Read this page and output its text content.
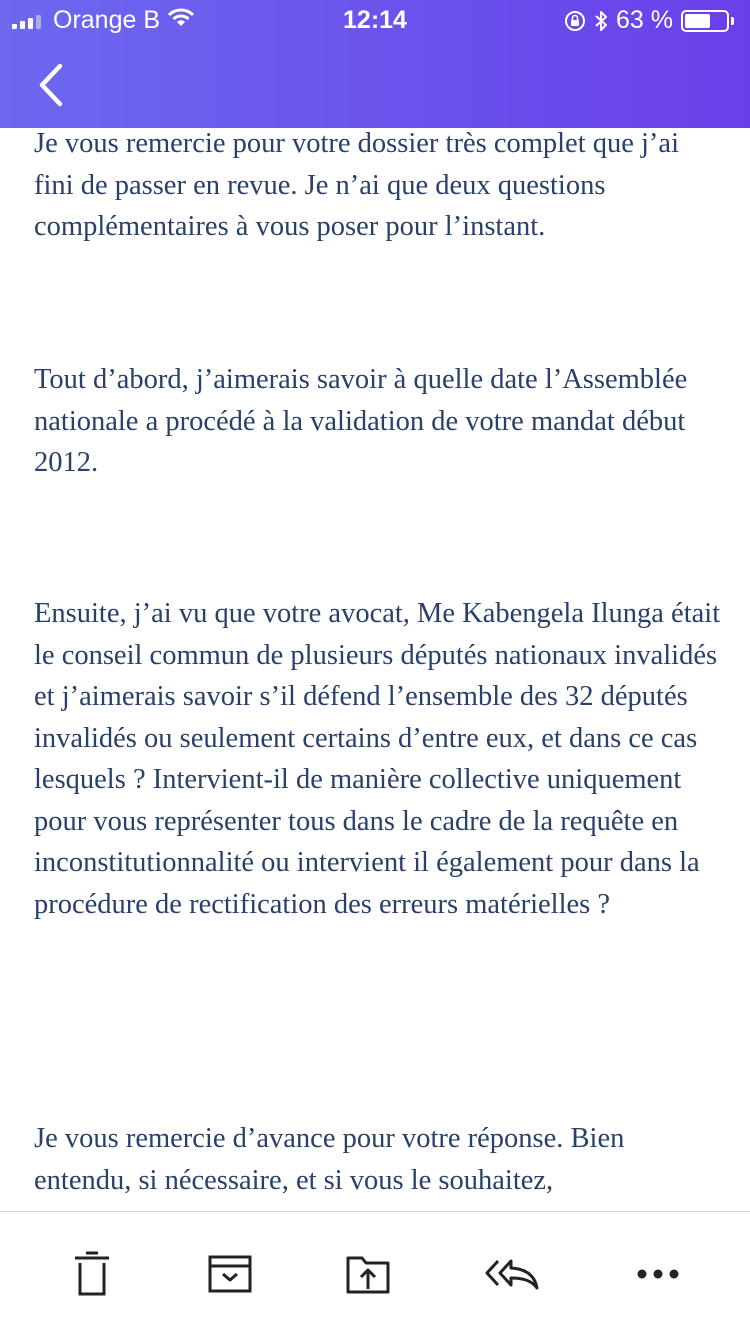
Orange B	12:14	63 %

Je vous remercie pour votre dossier très complet que j’ai fini de passer en revue. Je n’ai que deux questions complémentaires à vous poser pour l’instant.

Tout d’abord, j’aimerais savoir à quelle date l’Assemblée nationale a procédé à la validation de votre mandat début 2012.

Ensuite, j’ai vu que votre avocat, Me Kabengela Ilunga était le conseil commun de plusieurs députés nationaux invalidés et j’aimerais savoir s’il défend l’ensemble des 32 députés invalidés ou seulement certains d’entre eux, et dans ce cas lesquels ? Intervient-il de manière collective uniquement pour vous représenter tous dans le cadre de la requête en inconstitutionnalité ou intervient il également pour dans la procédure de rectification des erreurs matérielles ?

Je vous remercie d’avance pour votre réponse. Bien entendu, si nécessaire, et si vous le souhaitez,
